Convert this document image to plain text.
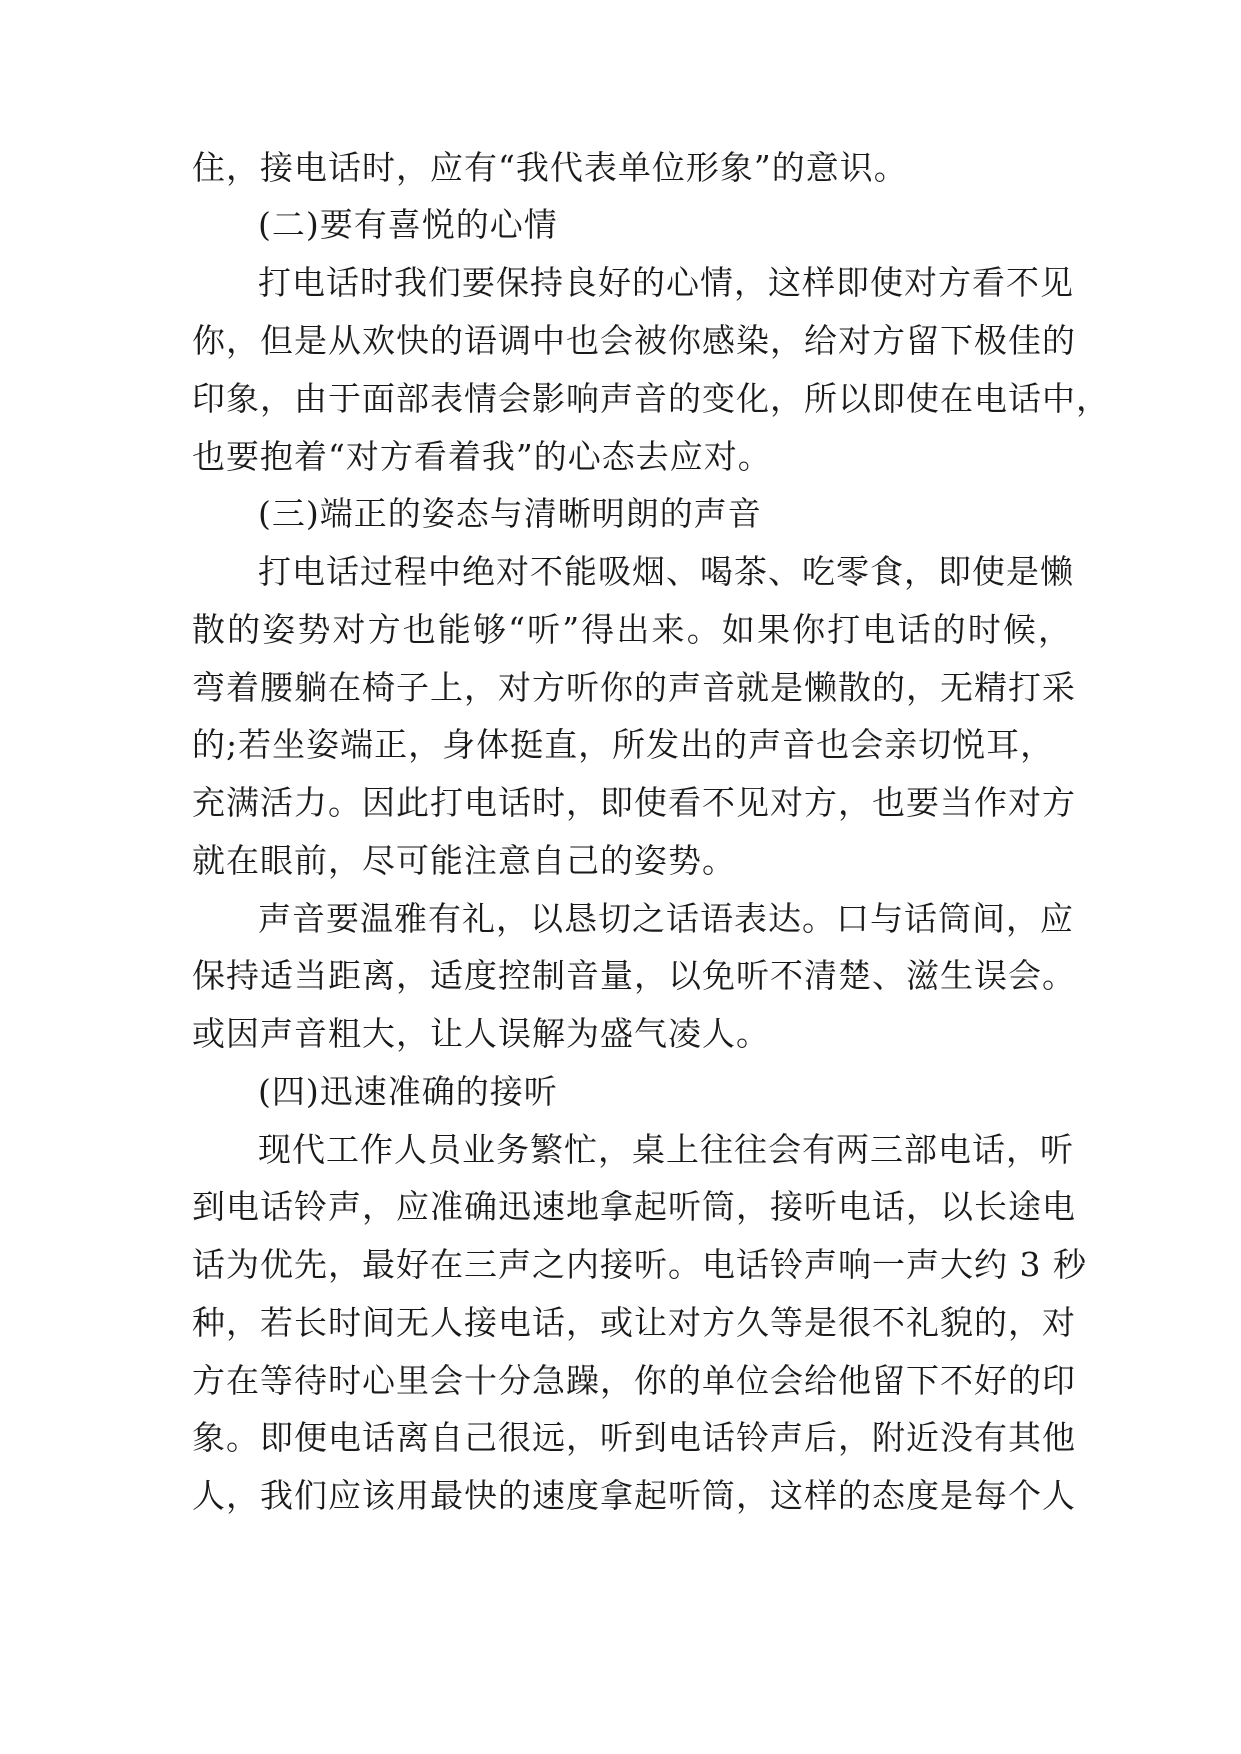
住，接电话时，应有“我代表单位形象”的意识。
(二)要有喜悦的心情
打电话时我们要保持良好的心情，这样即使对方看不见
你，但是从欢快的语调中也会被你感染，给对方留下极佳的
印象，由于面部表情会影响声音的变化，所以即使在电话中，
也要抱着“对方看着我”的心态去应对。
(三)端正的姿态与清晰明朗的声音
打电话过程中绝对不能吸烟、喝茶、吃零食，即使是懒
散的姿势对方也能够“听”得出来。如果你打电话的时候，
弯着腰躺在椅子上，对方听你的声音就是懒散的，无精打采
的;若坐姿端正，身体挺直，所发出的声音也会亲切悦耳，
充满活力。因此打电话时，即使看不见对方，也要当作对方
就在眼前，尽可能注意自己的姿势。
声音要温雅有礼，以恳切之话语表达。口与话筒间，应
保持适当距离，适度控制音量，以免听不清楚、滋生误会。
或因声音粗大，让人误解为盛气凌人。
(四)迅速准确的接听
现代工作人员业务繁忙，桌上往往会有两三部电话，听
到电话铃声，应准确迅速地拿起听筒，接听电话，以长途电
话为优先，最好在三声之内接听。电话铃声响一声大约 3 秒
种，若长时间无人接电话，或让对方久等是很不礼貌的，对
方在等待时心里会十分急躁，你的单位会给他留下不好的印
象。即便电话离自己很远，听到电话铃声后，附近没有其他
人，我们应该用最快的速度拿起听筒，这样的态度是每个人
